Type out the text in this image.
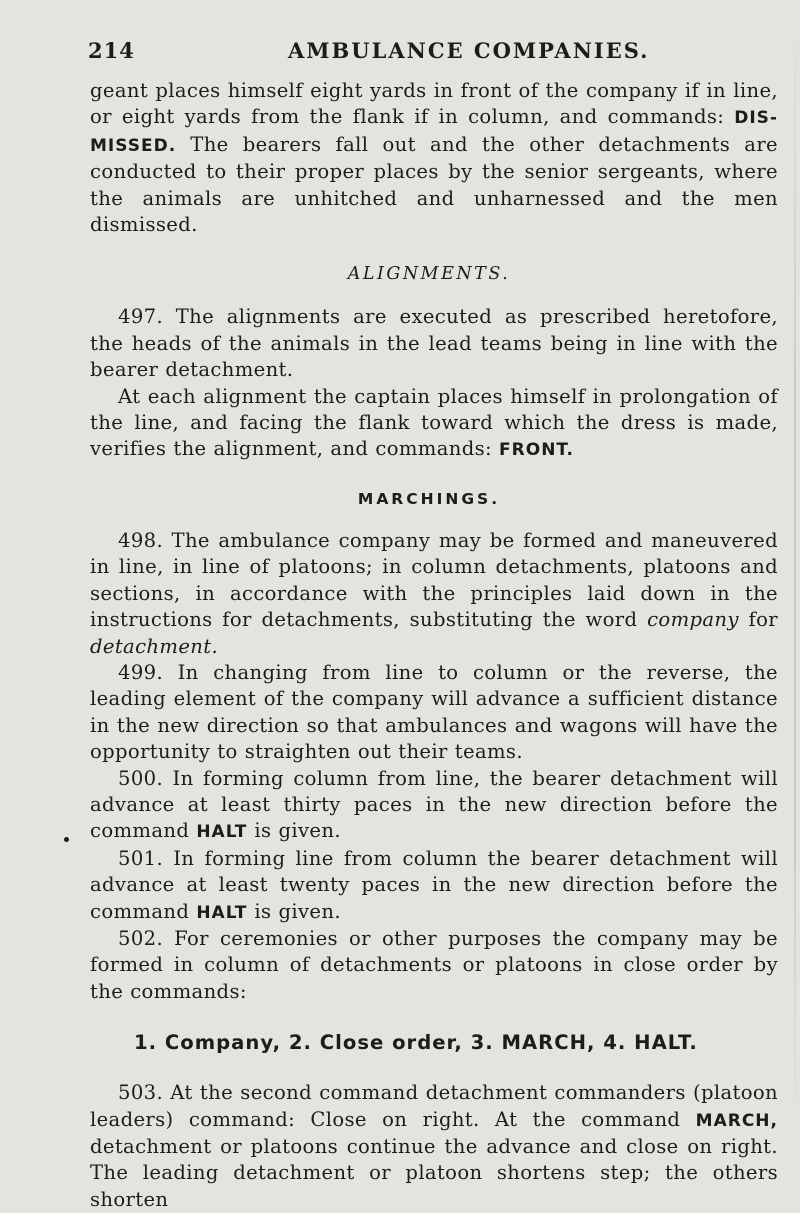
214	AMBULANCE COMPANIES.

geant places himself eight yards in front of the company if in line, or eight yards from the flank if in column, and commands: DIS-MISSED. The bearers fall out and the other detachments are conducted to their proper places by the senior sergeants, where the animals are unhitched and unharnessed and the men dismissed.

ALIGNMENTS.

497. The alignments are executed as prescribed heretofore, the heads of the animals in the lead teams being in line with the bearer detachment.

At each alignment the captain places himself in prolongation of the line, and facing the flank toward which the dress is made, verifies the alignment, and commands: FRONT.

MARCHINGS.

498. The ambulance company may be formed and maneuvered in line, in line of platoons; in column detachments, platoons and sections, in accordance with the principles laid down in the instructions for detachments, substituting the word company for detachment.

499. In changing from line to column or the reverse, the leading element of the company will advance a sufficient distance in the new direction so that ambulances and wagons will have the opportunity to straighten out their teams.

500. In forming column from line, the bearer detachment will advance at least thirty paces in the new direction before the command HALT is given.

501. In forming line from column the bearer detachment will advance at least twenty paces in the new direction before the command HALT is given.

502. For ceremonies or other purposes the company may be formed in column of detachments or platoons in close order by the commands:

1. Company, 2. Close order, 3. MARCH, 4. HALT.

503. At the second command detachment commanders (platoon leaders) command: Close on right. At the command MARCH, detachment or platoons continue the advance and close on right. The leading detachment or platoon shortens step; the others shorten
